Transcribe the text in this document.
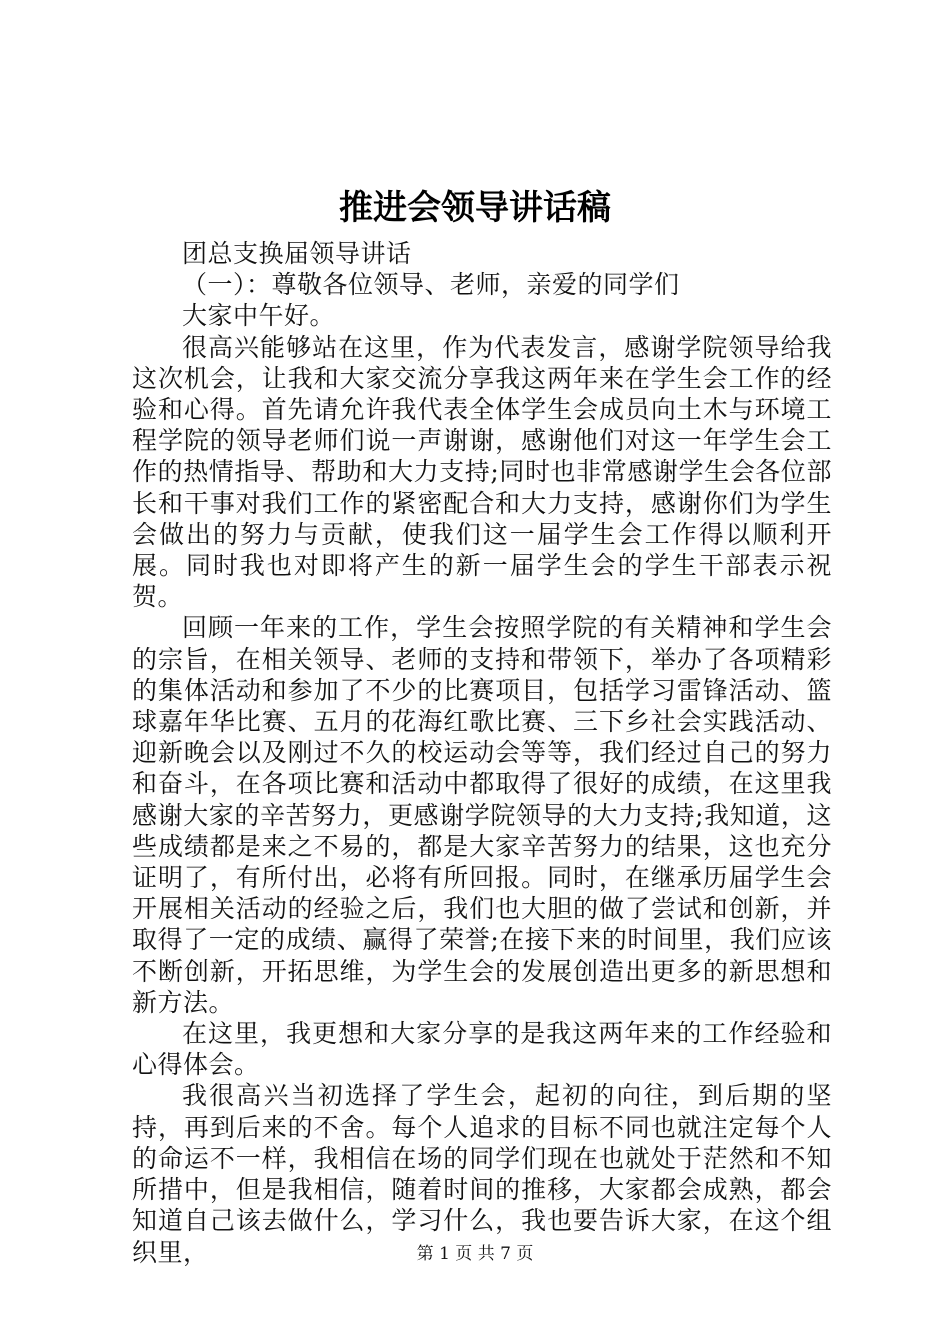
推进会领导讲话稿

团总支换届领导讲话

（一）：尊敬各位领导、老师，亲爱的同学们

大家中午好。

很高兴能够站在这里，作为代表发言，感谢学院领导给我这次机会，让我和大家交流分享我这两年来在学生会工作的经验和心得。首先请允许我代表全体学生会成员向土木与环境工程学院的领导老师们说一声谢谢，感谢他们对这一年学生会工作的热情指导、帮助和大力支持;同时也非常感谢学生会各位部长和干事对我们工作的紧密配合和大力支持，感谢你们为学生会做出的努力与贡献，使我们这一届学生会工作得以顺利开展。同时我也对即将产生的新一届学生会的学生干部表示祝贺。

回顾一年来的工作，学生会按照学院的有关精神和学生会的宗旨，在相关领导、老师的支持和带领下，举办了各项精彩的集体活动和参加了不少的比赛项目，包括学习雷锋活动、篮球嘉年华比赛、五月的花海红歌比赛、三下乡社会实践活动、迎新晚会以及刚过不久的校运动会等等，我们经过自己的努力和奋斗，在各项比赛和活动中都取得了很好的成绩，在这里我感谢大家的辛苦努力，更感谢学院领导的大力支持;我知道，这些成绩都是来之不易的，都是大家辛苦努力的结果，这也充分证明了，有所付出，必将有所回报。同时，在继承历届学生会开展相关活动的经验之后，我们也大胆的做了尝试和创新，并取得了一定的成绩、赢得了荣誉;在接下来的时间里，我们应该不断创新，开拓思维，为学生会的发展创造出更多的新思想和新方法。

在这里，我更想和大家分享的是我这两年来的工作经验和心得体会。

我很高兴当初选择了学生会，起初的向往，到后期的坚持，再到后来的不舍。每个人追求的目标不同也就注定每个人的命运不一样，我相信在场的同学们现在也就处于茫然和不知所措中，但是我相信，随着时间的推移，大家都会成熟，都会知道自己该去做什么，学习什么，我也要告诉大家，在这个组织里，	第 1 页 共 7 页
